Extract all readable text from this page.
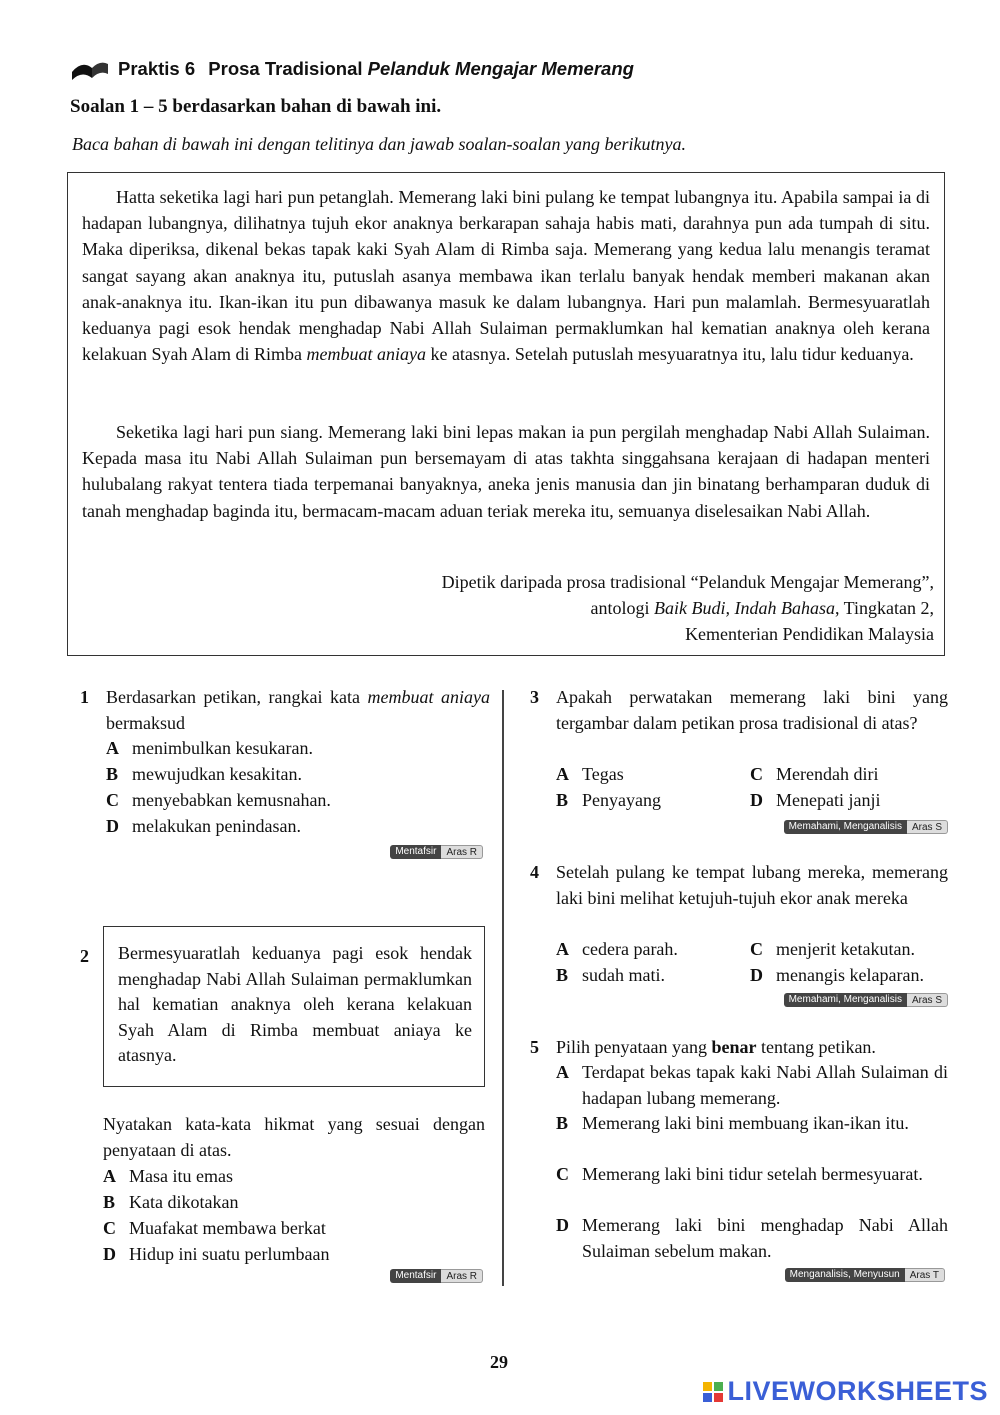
Praktis 6 Prosa Tradisional Pelanduk Mengajar Memerang
Soalan 1 – 5 berdasarkan bahan di bawah ini.
Baca bahan di bawah ini dengan telitinya dan jawab soalan-soalan yang berikutnya.

Hatta seketika lagi hari pun petanglah. Memerang laki bini pulang ke tempat lubangnya itu. Apabila sampai ia di hadapan lubangnya, dilihatnya tujuh ekor anaknya berkarapan sahaja habis mati, darahnya pun ada tumpah di situ. Maka diperiksa, dikenal bekas tapak kaki Syah Alam di Rimba saja. Memerang yang kedua lalu menangis teramat sangat sayang akan anaknya itu, putuslah asanya membawa ikan terlalu banyak hendak memberi makanan akan anak-anaknya itu. Ikan-ikan itu pun dibawanya masuk ke dalam lubangnya. Hari pun malamlah. Bermesyuaratlah keduanya pagi esok hendak menghadap Nabi Allah Sulaiman permaklumkan hal kematian anaknya oleh kerana kelakuan Syah Alam di Rimba membuat aniaya ke atasnya. Setelah putuslah mesyuaratnya itu, lalu tidur keduanya.

Seketika lagi hari pun siang. Memerang laki bini lepas makan ia pun pergilah menghadap Nabi Allah Sulaiman. Kepada masa itu Nabi Allah Sulaiman pun bersemayam di atas takhta singgahsana kerajaan di hadapan menteri hulubalang rakyat tentera tiada terpemanai banyaknya, aneka jenis manusia dan jin binatang berhamparan duduk di tanah menghadap baginda itu, bermacam-macam aduan teriak mereka itu, semuanya diselesaikan Nabi Allah.

Dipetik daripada prosa tradisional “Pelanduk Mengajar Memerang”,
antologi Baik Budi, Indah Bahasa, Tingkatan 2,
Kementerian Pendidikan Malaysia
1 Berdasarkan petikan, rangkai kata membuat aniaya bermaksud
A menimbulkan kesukaran.
B mewujudkan kesakitan.
C menyebabkan kemusnahan.
D melakukan penindasan.
Mentafsir	Aras R
2	Bermesyuaratlah keduanya pagi esok hendak menghadap Nabi Allah Sulaiman permaklumkan hal kematian anaknya oleh kerana kelakuan Syah Alam di Rimba membuat aniaya ke atasnya.
Nyatakan kata-kata hikmat yang sesuai dengan penyataan di atas.
A Masa itu emas
B Kata dikotakan
C Muafakat membawa berkat
D Hidup ini suatu perlumbaan
Mentafsir	Aras R
3 Apakah perwatakan memerang laki bini yang tergambar dalam petikan prosa tradisional di atas?
A Tegas
B Penyayang
C Merendah diri
D Menepati janji
Memahami, Menganalisis	Aras S
4 Setelah pulang ke tempat lubang mereka, memerang laki bini melihat ketujuh-tujuh ekor anak mereka
A cedera parah.
B sudah mati.
C menjerit ketakutan.
D menangis kelaparan.
Memahami, Menganalisis	Aras S
5 Pilih penyataan yang benar tentang petikan.
A Terdapat bekas tapak kaki Nabi Allah Sulaiman di hadapan lubang memerang.
B Memerang laki bini membuang ikan-ikan itu.
C Memerang laki bini tidur setelah bermesyuarat.
D Memerang laki bini menghadap Nabi Allah Sulaiman sebelum makan.
Menganalisis, Menyusun	Aras T
29
LIVEWORKSHEETS
